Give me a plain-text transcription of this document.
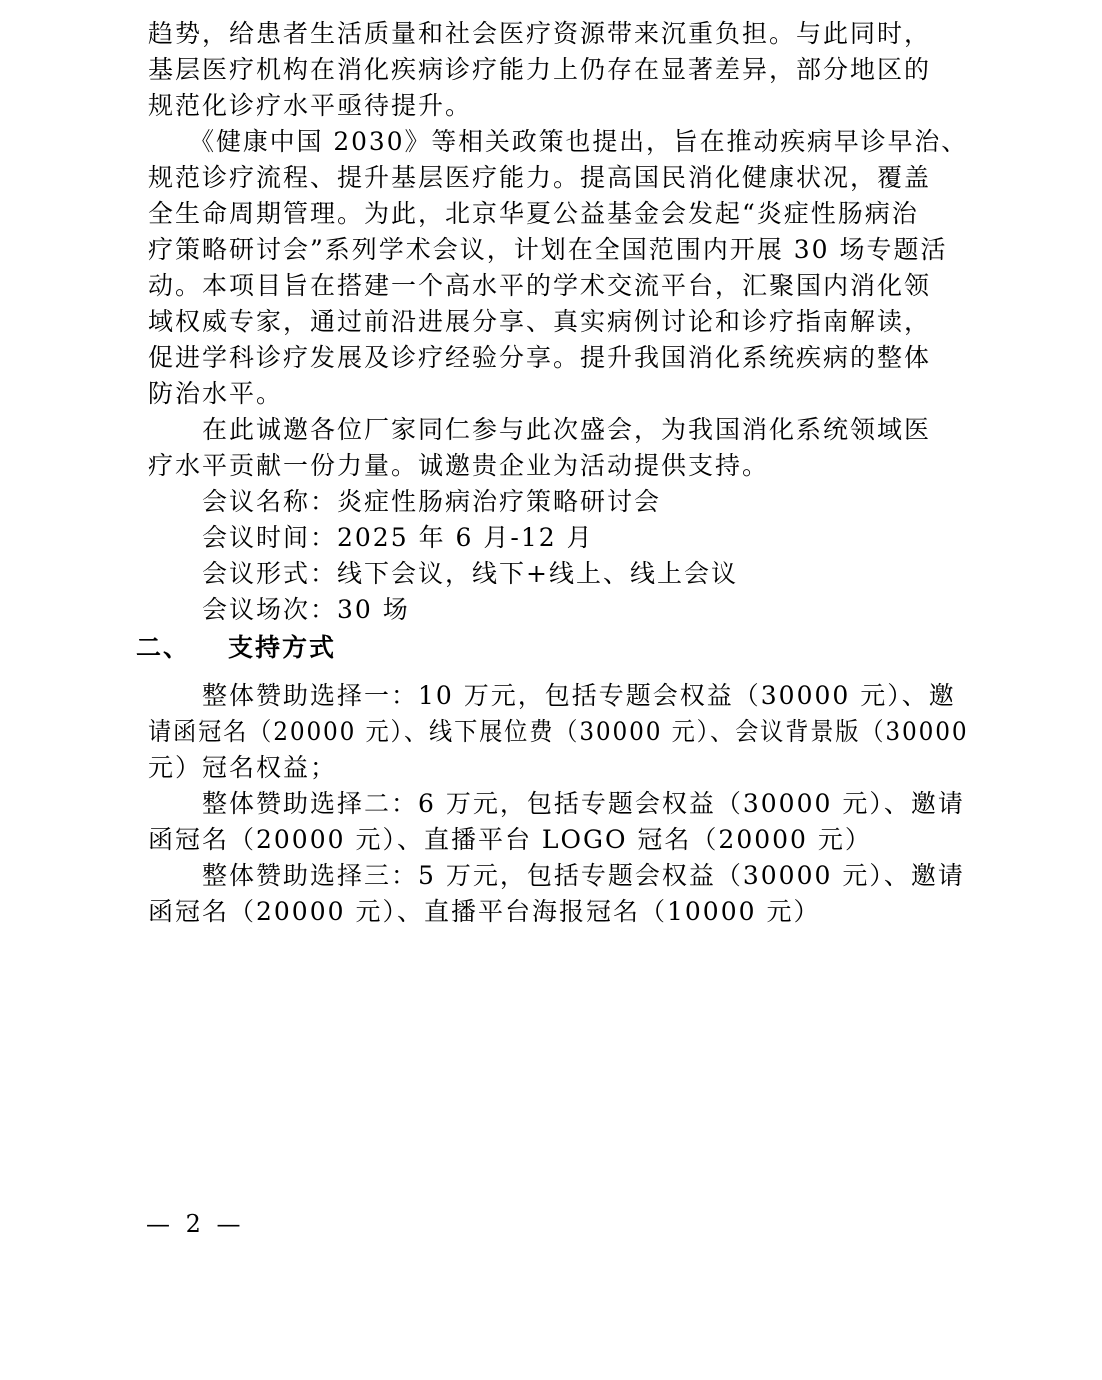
趋势，给患者生活质量和社会医疗资源带来沉重负担。与此同时，
基层医疗机构在消化疾病诊疗能力上仍存在显著差异，部分地区的
规范化诊疗水平亟待提升。
　　《健康中国 2030》等相关政策也提出，旨在推动疾病早诊早治、
规范诊疗流程、提升基层医疗能力。提高国民消化健康状况，覆盖
全生命周期管理。为此，北京华夏公益基金会发起“炎症性肠病治
疗策略研讨会”系列学术会议，计划在全国范围内开展 30 场专题活
动。本项目旨在搭建一个高水平的学术交流平台，汇聚国内消化领
域权威专家，通过前沿进展分享、真实病例讨论和诊疗指南解读，
促进学科诊疗发展及诊疗经验分享。提升我国消化系统疾病的整体
防治水平。
　　在此诚邀各位厂家同仁参与此次盛会，为我国消化系统领域医
疗水平贡献一份力量。诚邀贵企业为活动提供支持。
　　会议名称：炎症性肠病治疗策略研讨会
　　会议时间：2025 年 6 月-12 月
　　会议形式：线下会议，线下+线上、线上会议
　　会议场次：30 场
二、 支持方式
　　整体赞助选择一：10 万元，包括专题会权益（30000 元）、邀
请函冠名（20000 元）、线下展位费（30000 元）、会议背景版（30000
元）冠名权益；
　　整体赞助选择二：6 万元，包括专题会权益（30000 元）、邀请
函冠名（20000 元）、直播平台 LOGO 冠名（20000 元）
　　整体赞助选择三：5 万元，包括专题会权益（30000 元）、邀请
函冠名（20000 元）、直播平台海报冠名（10000 元）
— 2 —
